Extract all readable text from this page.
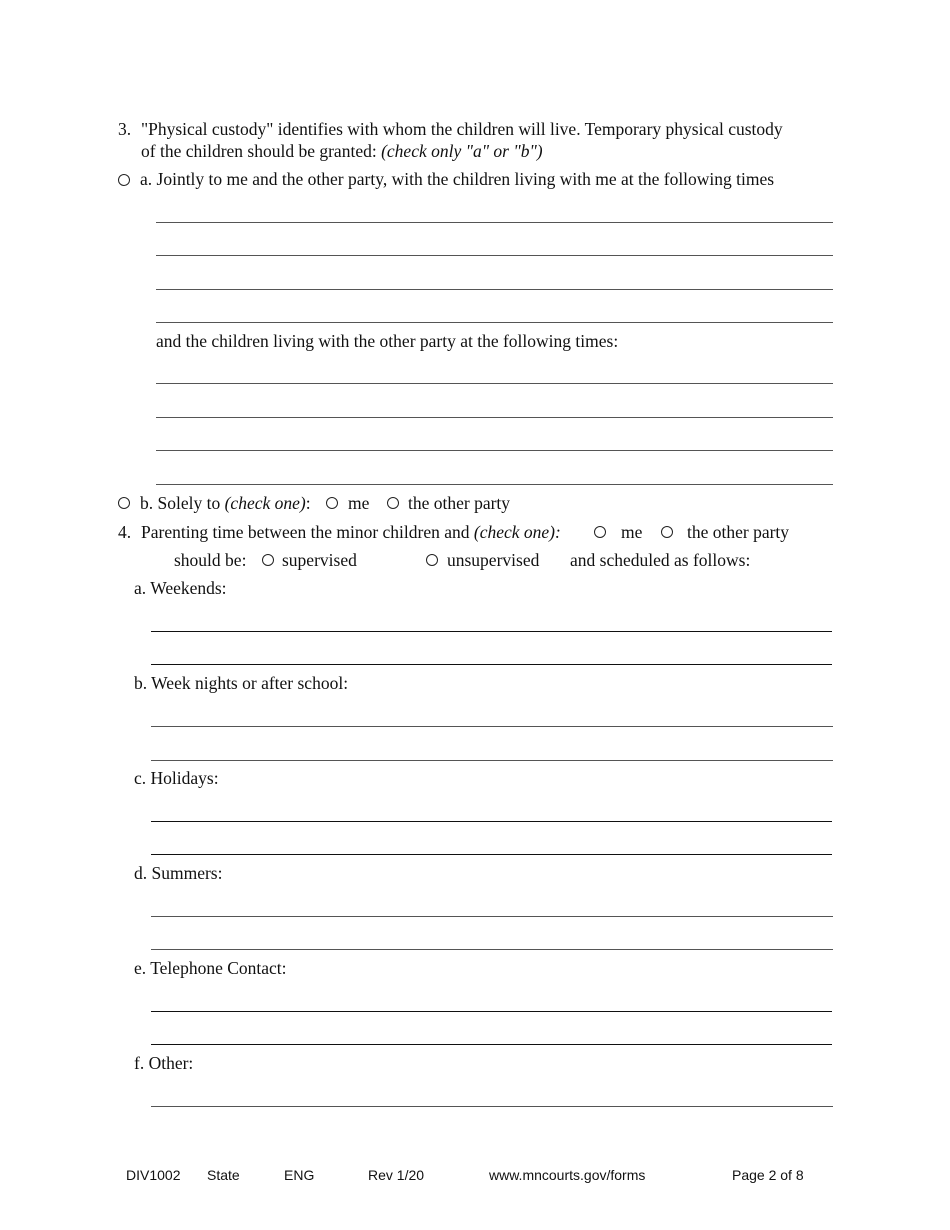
3. "Physical custody" identifies with whom the children will live. Temporary physical custody
of the children should be granted: (check only "a" or "b")
a. Jointly to me and the other party, with the children living with me at the following times
and the children living with the other party at the following times:
b. Solely to (check one): me the other party
4. Parenting time between the minor children and (check one):	me	the other party
should be: supervised	unsupervised and scheduled as follows:
a. Weekends:
b. Week nights or after school:
c. Holidays:
d. Summers:
e. Telephone Contact:
f. Other:
DIV1002 State	ENG	Rev 1/20	www.mncourts.gov/forms	Page 2 of 8
